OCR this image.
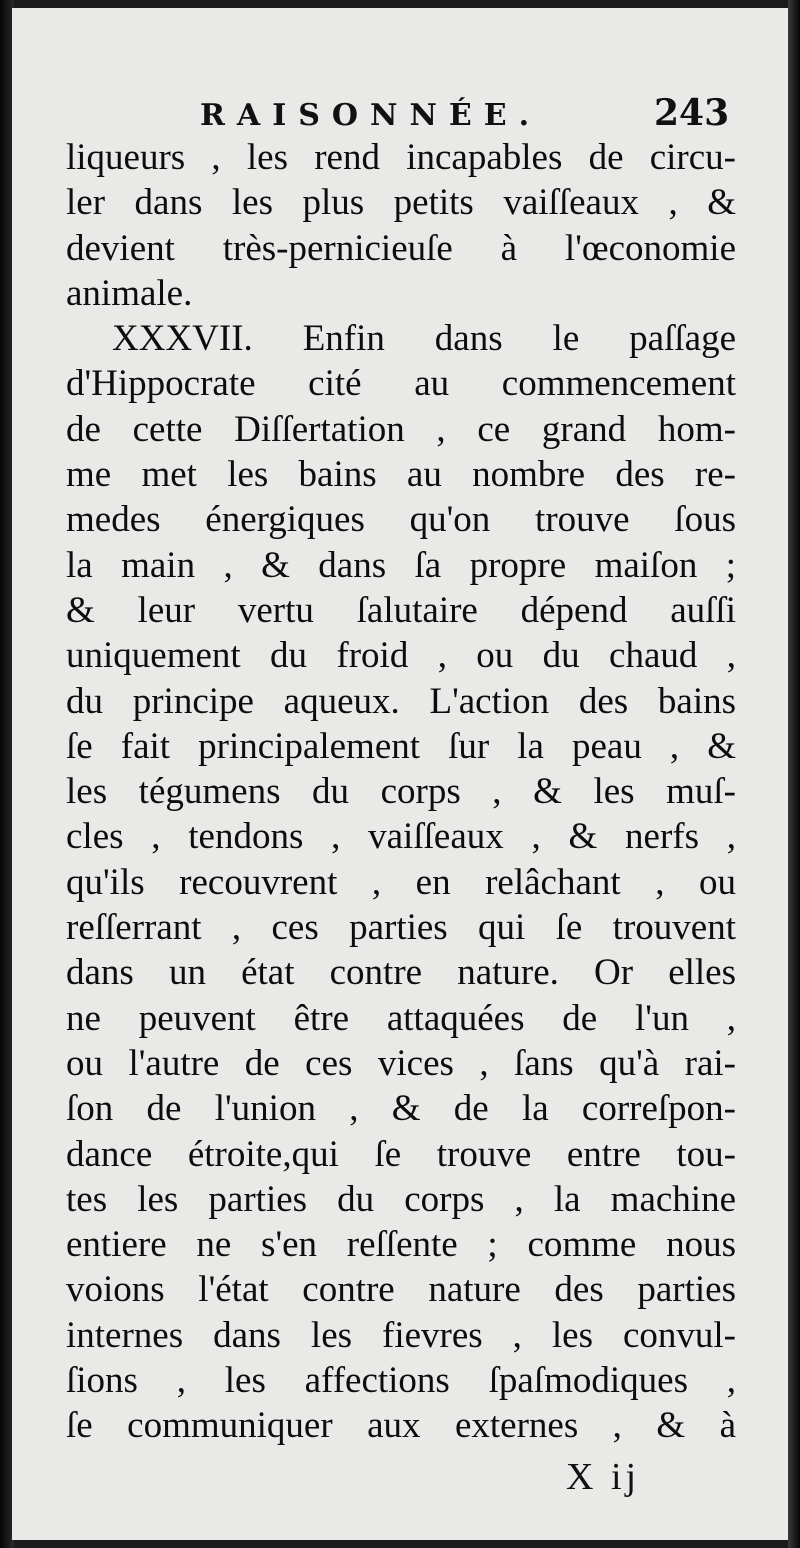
RAISONNÉE.	243
liqueurs , les rend incapables de circu-
ler dans les plus petits vaiſſeaux , &
devient très-pernicieuſe à l'œconomie
animale.
XXXVII. Enfin dans le paſſage
d'Hippocrate cité au commencement
de cette Diſſertation , ce grand hom-
me met les bains au nombre des re-
medes énergiques qu'on trouve ſous
la main , & dans ſa propre maiſon ;
& leur vertu ſalutaire dépend auſſi
uniquement du froid , ou du chaud ,
du principe aqueux. L'action des bains
ſe fait principalement ſur la peau , &
les tégumens du corps , & les muſ-
cles , tendons , vaiſſeaux , & nerfs ,
qu'ils recouvrent , en relâchant , ou
reſſerrant , ces parties qui ſe trouvent
dans un état contre nature. Or elles
ne peuvent être attaquées de l'un ,
ou l'autre de ces vices , ſans qu'à rai-
ſon de l'union , & de la correſpon-
dance étroite,qui ſe trouve entre tou-
tes les parties du corps , la machine
entiere ne s'en reſſente ; comme nous
voions l'état contre nature des parties
internes dans les fievres , les convul-
ſions , les affections ſpaſmodiques ,
ſe communiquer aux externes , & à
X ij
